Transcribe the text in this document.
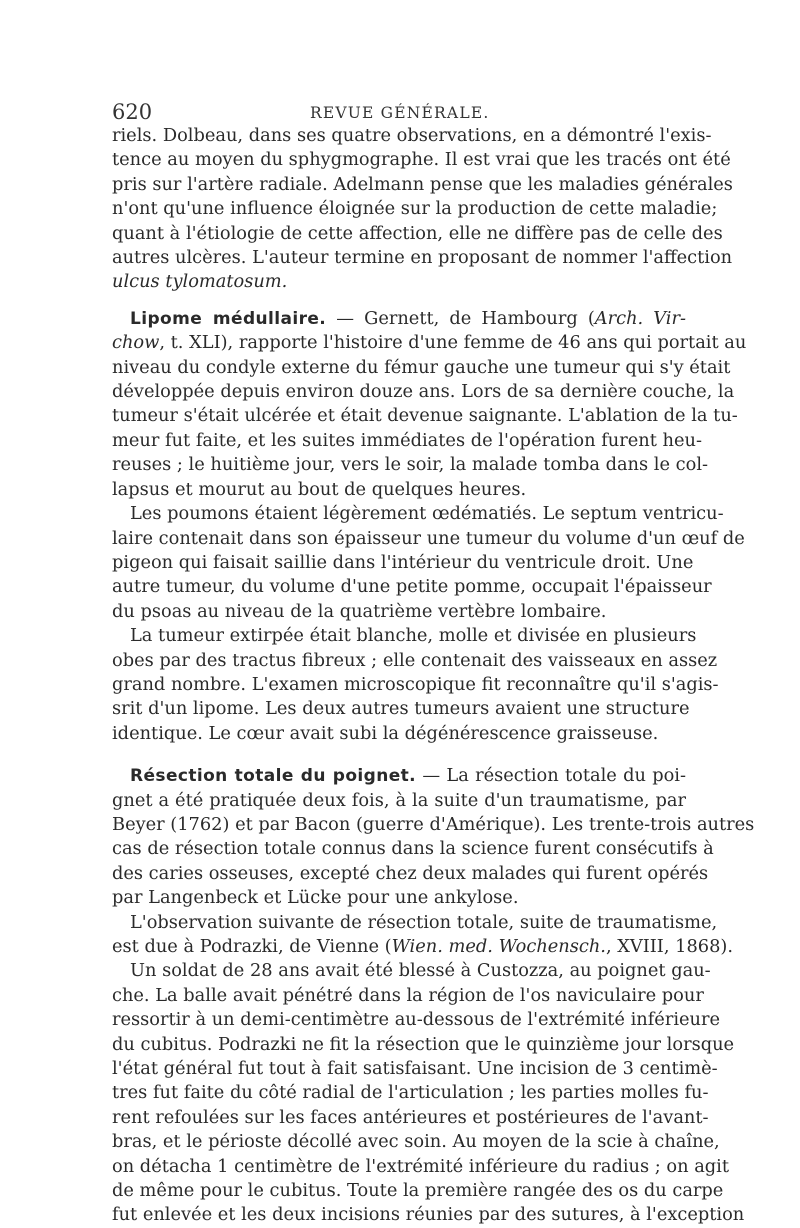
620	REVUE GÉNÉRALE.
riels. Dolbeau, dans ses quatre observations, en a démontré l'exis-
tence au moyen du sphygmographe. Il est vrai que les tracés ont été
pris sur l'artère radiale. Adelmann pense que les maladies générales
n'ont qu'une influence éloignée sur la production de cette maladie;
quant à l'étiologie de cette affection, elle ne diffère pas de celle des
autres ulcères. L'auteur termine en proposant de nommer l'affection
ulcus tylomatosum.
Lipome médullaire. — Gernett, de Hambourg (Arch. Vir-
chow, t. XLI), rapporte l'histoire d'une femme de 46 ans qui portait au
niveau du condyle externe du fémur gauche une tumeur qui s'y était
développée depuis environ douze ans. Lors de sa dernière couche, la
tumeur s'était ulcérée et était devenue saignante. L'ablation de la tu-
meur fut faite, et les suites immédiates de l'opération furent heu-
reuses ; le huitième jour, vers le soir, la malade tomba dans le col-
lapsus et mourut au bout de quelques heures.
Les poumons étaient légèrement œdématiés. Le septum ventricu-
laire contenait dans son épaisseur une tumeur du volume d'un œuf de
pigeon qui faisait saillie dans l'intérieur du ventricule droit. Une
autre tumeur, du volume d'une petite pomme, occupait l'épaisseur
du psoas au niveau de la quatrième vertèbre lombaire.
La tumeur extirpée était blanche, molle et divisée en plusieurs
obes par des tractus fibreux ; elle contenait des vaisseaux en assez
grand nombre. L'examen microscopique fit reconnaître qu'il s'agis-
srit d'un lipome. Les deux autres tumeurs avaient une structure
identique. Le cœur avait subi la dégénérescence graisseuse.
Résection totale du poignet. — La résection totale du poi-
gnet a été pratiquée deux fois, à la suite d'un traumatisme, par
Beyer (1762) et par Bacon (guerre d'Amérique). Les trente-trois autres
cas de résection totale connus dans la science furent consécutifs à
des caries osseuses, excepté chez deux malades qui furent opérés
par Langenbeck et Lücke pour une ankylose.
L'observation suivante de résection totale, suite de traumatisme,
est due à Podrazki, de Vienne (Wien. med. Wochensch., XVIII, 1868).
Un soldat de 28 ans avait été blessé à Custozza, au poignet gau-
che. La balle avait pénétré dans la région de l'os naviculaire pour
ressortir à un demi-centimètre au-dessous de l'extrémité inférieure
du cubitus. Podrazki ne fit la résection que le quinzième jour lorsque
l'état général fut tout à fait satisfaisant. Une incision de 3 centimè-
tres fut faite du côté radial de l'articulation ; les parties molles fu-
rent refoulées sur les faces antérieures et postérieures de l'avant-
bras, et le périoste décollé avec soin. Au moyen de la scie à chaîne,
on détacha 1 centimètre de l'extrémité inférieure du radius ; on agit
de même pour le cubitus. Toute la première rangée des os du carpe
fut enlevée et les deux incisions réunies par des sutures, à l'exception
